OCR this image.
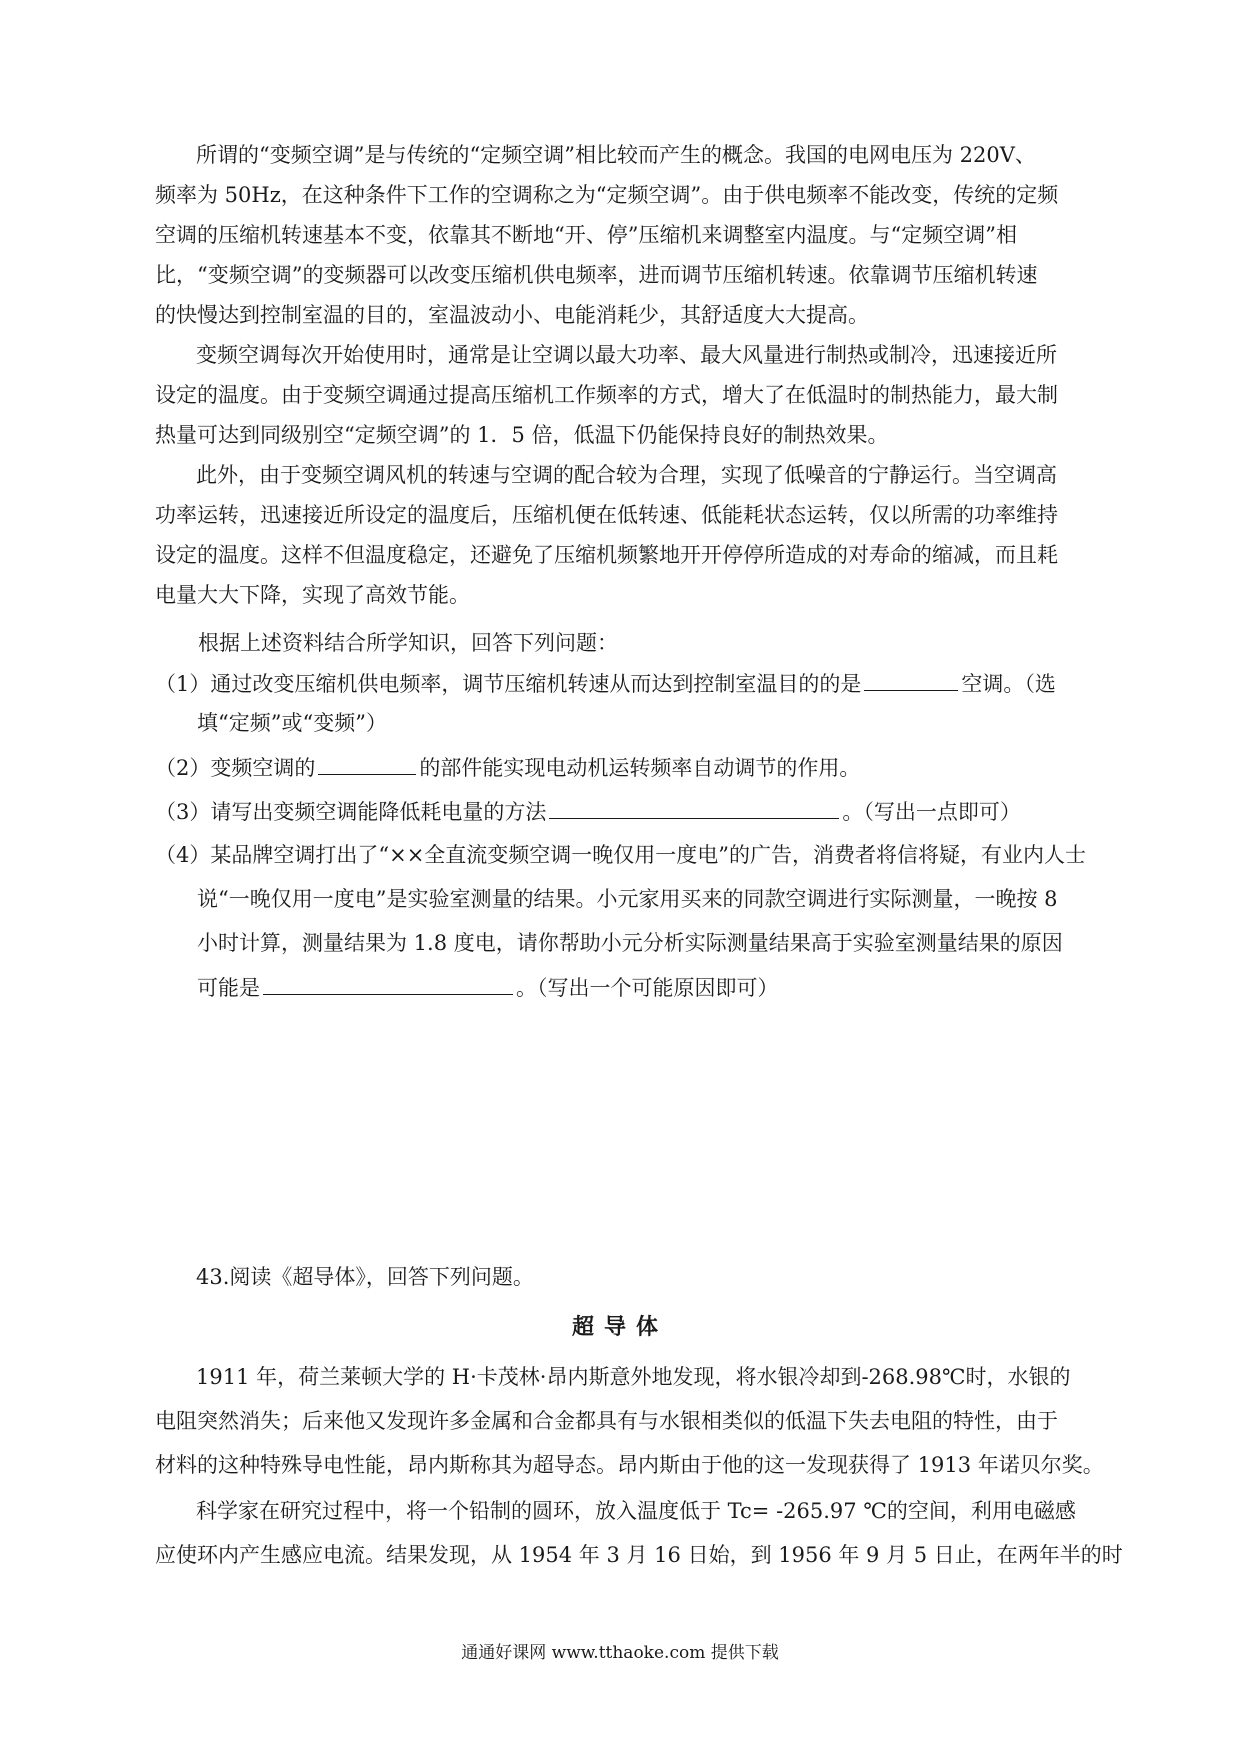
所谓的“变频空调”是与传统的“定频空调”相比较而产生的概念。我国的电网电压为 220V、
频率为 50Hz，在这种条件下工作的空调称之为“定频空调”。由于供电频率不能改变，传统的定频
空调的压缩机转速基本不变，依靠其不断地“开、停”压缩机来调整室内温度。与“定频空调”相
比，“变频空调”的变频器可以改变压缩机供电频率，进而调节压缩机转速。依靠调节压缩机转速
的快慢达到控制室温的目的，室温波动小、电能消耗少，其舒适度大大提高。
变频空调每次开始使用时，通常是让空调以最大功率、最大风量进行制热或制冷，迅速接近所
设定的温度。由于变频空调通过提高压缩机工作频率的方式，增大了在低温时的制热能力，最大制
热量可达到同级别空“定频空调”的 1．5 倍，低温下仍能保持良好的制热效果。
此外，由于变频空调风机的转速与空调的配合较为合理，实现了低噪音的宁静运行。当空调高
功率运转，迅速接近所设定的温度后，压缩机便在低转速、低能耗状态运转，仅以所需的功率维持
设定的温度。这样不但温度稳定，还避免了压缩机频繁地开开停停所造成的对寿命的缩减，而且耗
电量大大下降，实现了高效节能。
根据上述资料结合所学知识，回答下列问题：
（1）通过改变压缩机供电频率，调节压缩机转速从而达到控制室温目的的是	空调。（选
填“定频”或“变频”）
（2）变频空调的	的部件能实现电动机运转频率自动调节的作用。
（3）请写出变频空调能降低耗电量的方法	。（写出一点即可）
（4）某品牌空调打出了“××全直流变频空调一晚仅用一度电”的广告，消费者将信将疑，有业内人士
说“一晚仅用一度电”是实验室测量的结果。小元家用买来的同款空调进行实际测量，一晚按 8
小时计算，测量结果为 1.8 度电，请你帮助小元分析实际测量结果高于实验室测量结果的原因
可能是	。（写出一个可能原因即可）
43.阅读《超导体》，回答下列问题。
超导体
1911 年，荷兰莱顿大学的 H·卡茂林·昂内斯意外地发现，将水银冷却到-268.98℃时，水银的
电阻突然消失；后来他又发现许多金属和合金都具有与水银相类似的低温下失去电阻的特性，由于
材料的这种特殊导电性能，昂内斯称其为超导态。昂内斯由于他的这一发现获得了 1913 年诺贝尔奖。
科学家在研究过程中，将一个铅制的圆环，放入温度低于 Tc= -265.97 ℃的空间，利用电磁感
应使环内产生感应电流。结果发现，从 1954 年 3 月 16 日始，到 1956 年 9 月 5 日止，在两年半的时
通通好课网 www.tthaoke.com 提供下载
